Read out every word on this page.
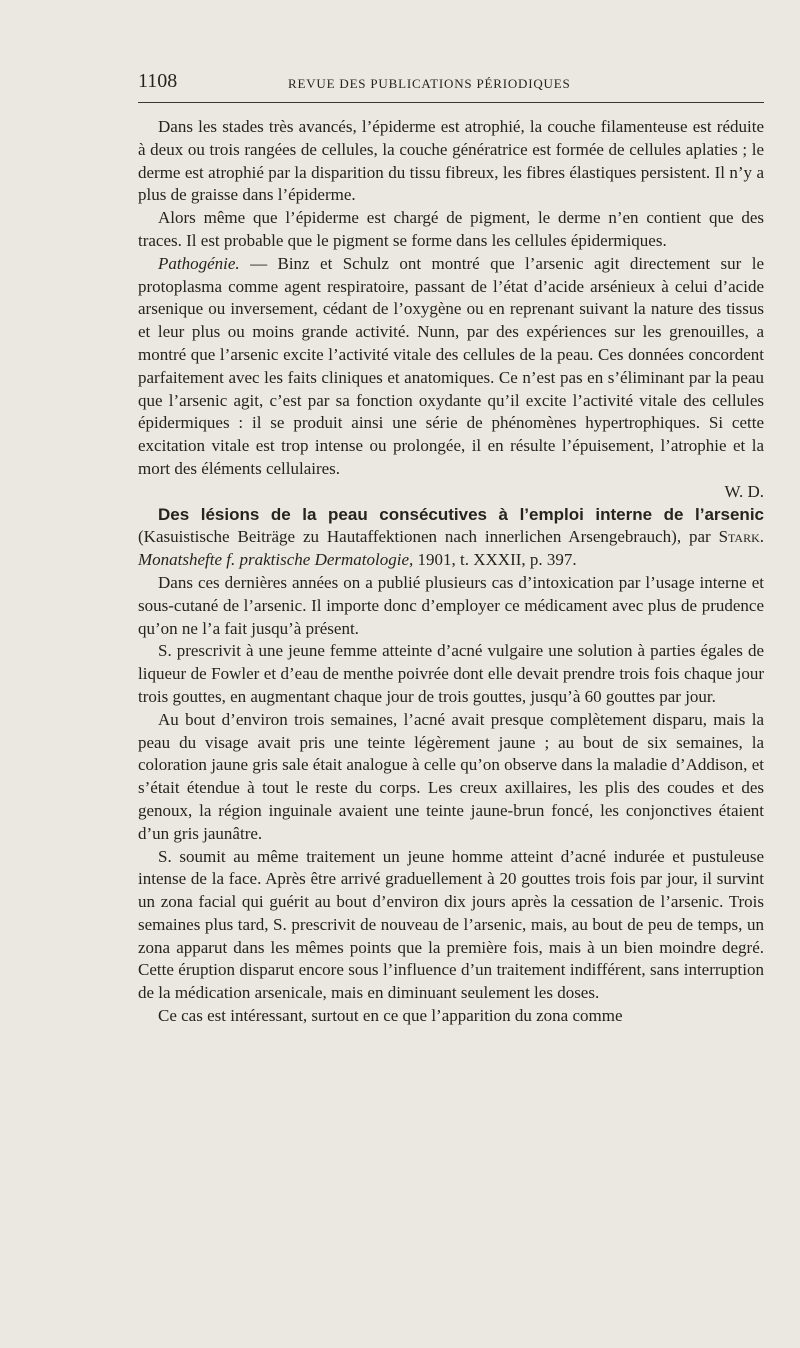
1108	REVUE DES PUBLICATIONS PÉRIODIQUES

Dans les stades très avancés, l’épiderme est atrophié, la couche filamenteuse est réduite à deux ou trois rangées de cellules, la couche génératrice est formée de cellules aplaties ; le derme est atrophié par la disparition du tissu fibreux, les fibres élastiques persistent. Il n’y a plus de graisse dans l’épiderme.

Alors même que l’épiderme est chargé de pigment, le derme n’en contient que des traces. Il est probable que le pigment se forme dans les cellules épidermiques.

Pathogénie. — Binz et Schulz ont montré que l’arsenic agit directement sur le protoplasma comme agent respiratoire, passant de l’état d’acide arsénieux à celui d’acide arsenique ou inversement, cédant de l’oxygène ou en reprenant suivant la nature des tissus et leur plus ou moins grande activité. Nunn, par des expériences sur les grenouilles, a montré que l’arsenic excite l’activité vitale des cellules de la peau. Ces données concordent parfaitement avec les faits cliniques et anatomiques. Ce n’est pas en s’éliminant par la peau que l’arsenic agit, c’est par sa fonction oxydante qu’il excite l’activité vitale des cellules épidermiques : il se produit ainsi une série de phénomènes hypertrophiques. Si cette excitation vitale est trop intense ou prolongée, il en résulte l’épuisement, l’atrophie et la mort des éléments cellulaires.
W. D.

Des lésions de la peau consécutives à l’emploi interne de l’arsenic (Kasuistische Beiträge zu Hautaffektionen nach innerlichen Arsengebrauch), par Stark. Monatshefte f. praktische Dermatologie, 1901, t. XXXII, p. 397.

Dans ces dernières années on a publié plusieurs cas d’intoxication par l’usage interne et sous-cutané de l’arsenic. Il importe donc d’employer ce médicament avec plus de prudence qu’on ne l’a fait jusqu’à présent.

S. prescrivit à une jeune femme atteinte d’acné vulgaire une solution à parties égales de liqueur de Fowler et d’eau de menthe poivrée dont elle devait prendre trois fois chaque jour trois gouttes, en augmentant chaque jour de trois gouttes, jusqu’à 60 gouttes par jour.

Au bout d’environ trois semaines, l’acné avait presque complètement disparu, mais la peau du visage avait pris une teinte légèrement jaune ; au bout de six semaines, la coloration jaune gris sale était analogue à celle qu’on observe dans la maladie d’Addison, et s’était étendue à tout le reste du corps. Les creux axillaires, les plis des coudes et des genoux, la région inguinale avaient une teinte jaune-brun foncé, les conjonctives étaient d’un gris jaunâtre.

S. soumit au même traitement un jeune homme atteint d’acné indurée et pustuleuse intense de la face. Après être arrivé graduellement à 20 gouttes trois fois par jour, il survint un zona facial qui guérit au bout d’environ dix jours après la cessation de l’arsenic. Trois semaines plus tard, S. prescrivit de nouveau de l’arsenic, mais, au bout de peu de temps, un zona apparut dans les mêmes points que la première fois, mais à un bien moindre degré. Cette éruption disparut encore sous l’influence d’un traitement indifférent, sans interruption de la médication arsenicale, mais en diminuant seulement les doses.

Ce cas est intéressant, surtout en ce que l’apparition du zona comme
